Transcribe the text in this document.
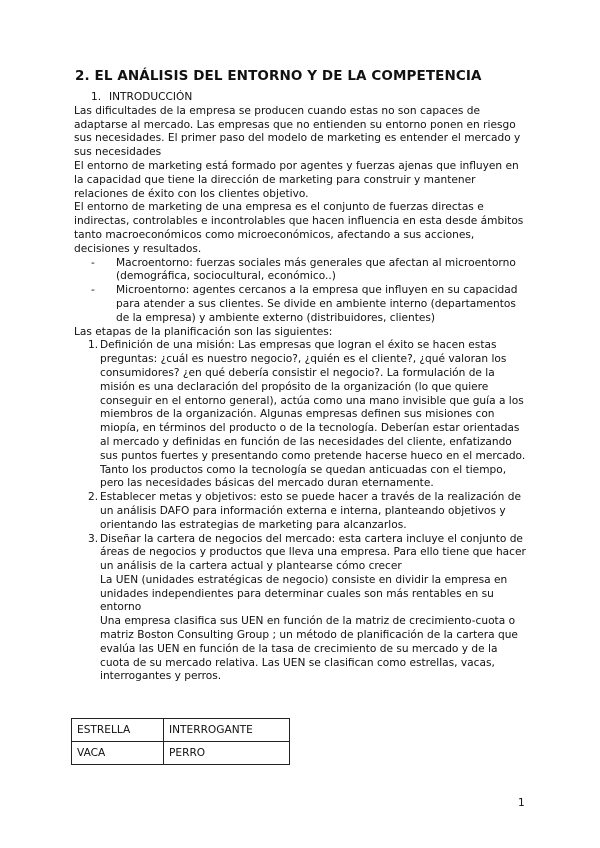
2. EL ANÁLISIS DEL ENTORNO Y DE LA COMPETENCIA
1. INTRODUCCIÓN

Las dificultades de la empresa se producen cuando estas no son capaces de adaptarse al mercado. Las empresas que no entienden su entorno ponen en riesgo sus necesidades. El primer paso del modelo de marketing es entender el mercado y sus necesidades

El entorno de marketing está formado por agentes y fuerzas ajenas que influyen en la capacidad que tiene la dirección de marketing para construir y mantener relaciones de éxito con los clientes objetivo.

El entorno de marketing de una empresa es el conjunto de fuerzas directas e indirectas, controlables e incontrolables que hacen influencia en esta desde ámbitos tanto macroeconómicos como microeconómicos, afectando a sus acciones, decisiones y resultados.

- Macroentorno: fuerzas sociales más generales que afectan al microentorno (demográfica, sociocultural, económico..)
- Microentorno: agentes cercanos a la empresa que influyen en su capacidad para atender a sus clientes. Se divide en ambiente interno (departamentos de la empresa) y ambiente externo (distribuidores, clientes)

Las etapas de la planificación son las siguientes:

1. Definición de una misión: Las empresas que logran el éxito se hacen estas preguntas: ¿cuál es nuestro negocio?, ¿quién es el cliente?, ¿qué valoran los consumidores? ¿en qué debería consistir el negocio?. La formulación de la misión es una declaración del propósito de la organización (lo que quiere conseguir en el entorno general), actúa como una mano invisible que guía a los miembros de la organización. Algunas empresas definen sus misiones con miopía, en términos del producto o de la tecnología. Deberían estar orientadas al mercado y definidas en función de las necesidades del cliente, enfatizando sus puntos fuertes y presentando como pretende hacerse hueco en el mercado. Tanto los productos como la tecnología se quedan anticuadas con el tiempo, pero las necesidades básicas del mercado duran eternamente.
2. Establecer metas y objetivos: esto se puede hacer a través de la realización de un análisis DAFO para información externa e interna, planteando objetivos y orientando las estrategias de marketing para alcanzarlos.
3. Diseñar la cartera de negocios del mercado: esta cartera incluye el conjunto de áreas de negocios y productos que lleva una empresa. Para ello tiene que hacer un análisis de la cartera actual y plantearse cómo crecer

La UEN (unidades estratégicas de negocio) consiste en dividir la empresa en unidades independientes para determinar cuales son más rentables en su entorno

Una empresa clasifica sus UEN en función de la matriz de crecimiento-cuota o matriz Boston Consulting Group ; un método de planificación de la cartera que evalúa las UEN en función de la tasa de crecimiento de su mercado y de la cuota de su mercado relativa. Las UEN se clasifican como estrellas, vacas, interrogantes y perros.

ESTRELLA	INTERROGANTE
VACA	PERRO
1
